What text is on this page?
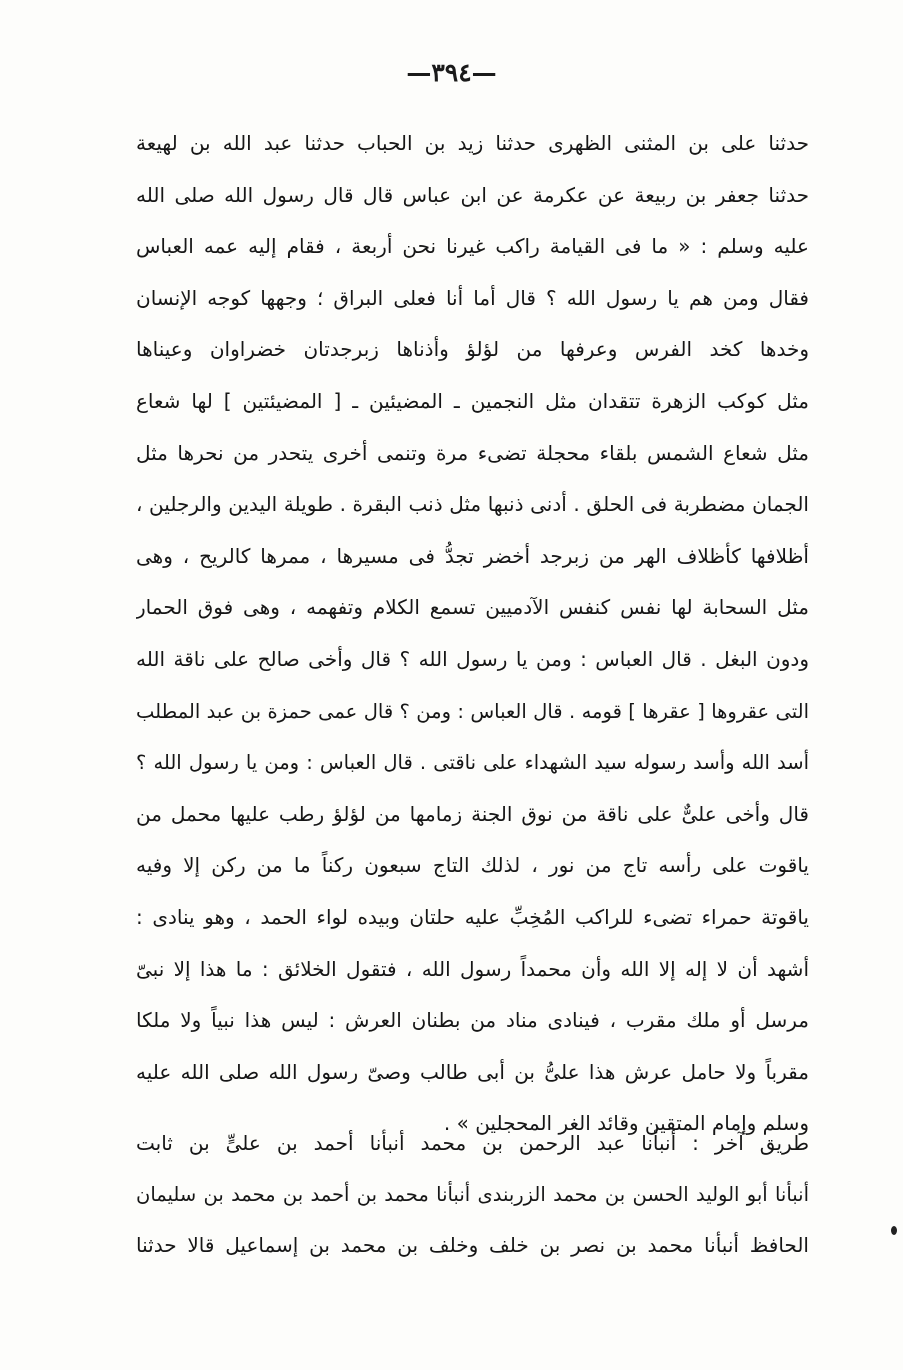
—٣٩٤—
حدثنا على بن المثنى الظهرى حدثنا زيد بن الحباب حدثنا عبد الله بن لهيعة
حدثنا جعفر بن ربيعة عن عكرمة عن ابن عباس قال قال رسول الله صلى الله
عليه وسلم : « ما فى القيامة راكب غيرنا نحن أربعة ، فقام إليه عمه العباس
فقال ومن هم يا رسول الله ؟ قال أما أنا فعلى البراق ؛ وجهها كوجه الإنسان
وخدها كخد الفرس وعرفها من لؤلؤ وأذناها زبرجدتان خضراوان وعيناها
مثل كوكب الزهرة تتقدان مثل النجمين ـ المضيئين ـ [ المضيئتين ] لها شعاع
مثل شعاع الشمس بلقاء محجلة تضىء مرة وتنمى أخرى يتحدر من نحرها مثل
الجمان مضطربة فى الحلق . أدنى ذنبها مثل ذنب البقرة . طويلة اليدين والرجلين ،
أظلافها كأظلاف الهر من زبرجد أخضر تجدُّ فى مسيرها ، ممرها كالريح ، وهى
مثل السحابة لها نفس كنفس الآدميين تسمع الكلام وتفهمه ، وهى فوق الحمار
ودون البغل . قال العباس : ومن يا رسول الله ؟ قال وأخى صالح على ناقة الله
التى عقروها [ عقرها ] قومه . قال العباس : ومن ؟ قال عمى حمزة بن عبد المطلب
أسد الله وأسد رسوله سيد الشهداء على ناقتى . قال العباس : ومن يا رسول الله ؟
قال وأخى علىٌّ على ناقة من نوق الجنة زمامها من لؤلؤ رطب عليها محمل من
ياقوت على رأسه تاج من نور ، لذلك التاج سبعون ركناً ما من ركن إلا وفيه
ياقوتة حمراء تضىء للراكب المُخِبِّ عليه حلتان وبيده لواء الحمد ، وهو ينادى :
أشهد أن لا إله إلا الله وأن محمداً رسول الله ، فتقول الخلائق : ما هذا إلا نبىّ
مرسل أو ملك مقرب ، فينادى مناد من بطنان العرش : ليس هذا نبياً ولا ملكا
مقرباً ولا حامل عرش هذا علىُّ بن أبى طالب وصىّ رسول الله صلى الله عليه
وسلم وإمام المتقين وقائد الغر المحجلين » .
طريق آخر : أنبأنا عبد الرحمن بن محمد أنبأنا أحمد بن علىٍّ بن ثابت
أنبأنا أبو الوليد الحسن بن محمد الزربندى أنبأنا محمد بن أحمد بن محمد بن سليمان
الحافظ أنبأنا محمد بن نصر بن خلف وخلف بن محمد بن إسماعيل قالا حدثنا
